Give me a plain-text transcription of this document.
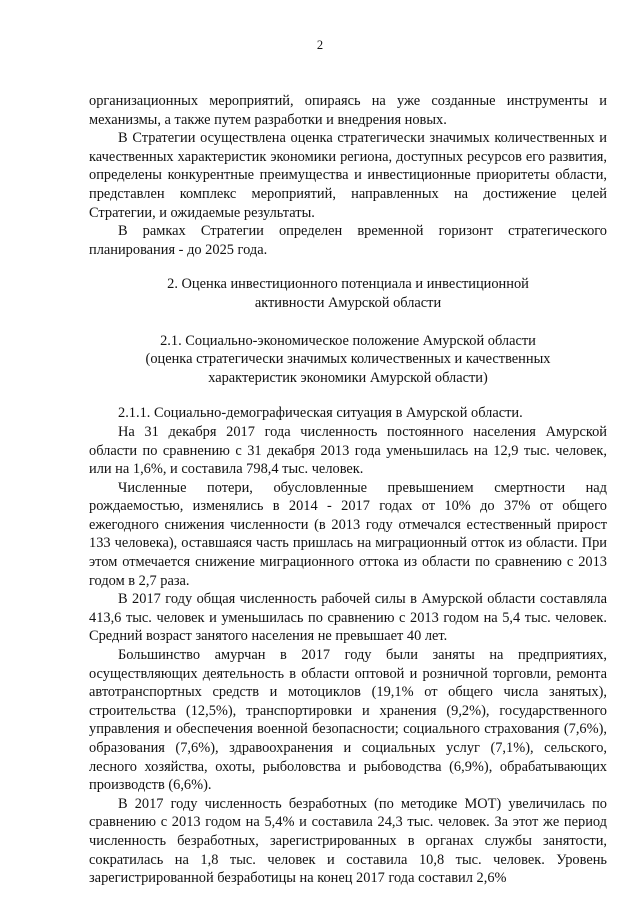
2

организационных мероприятий, опираясь на уже созданные инструменты и механизмы, а также путем разработки и внедрения новых.

В Стратегии осуществлена оценка стратегически значимых количественных и качественных характеристик экономики региона, доступных ресурсов его развития, определены конкурентные преимущества и инвестиционные приоритеты области, представлен комплекс мероприятий, направленных на достижение целей Стратегии, и ожидаемые результаты.

В рамках Стратегии определен временной горизонт стратегического планирования - до 2025 года.

2. Оценка инвестиционного потенциала и инвестиционной
активности Амурской области
2.1. Социально-экономическое положение Амурской области
(оценка стратегически значимых количественных и качественных
характеристик экономики Амурской области)

2.1.1. Социально-демографическая ситуация в Амурской области.

На 31 декабря 2017 года численность постоянного населения Амурской области по сравнению с 31 декабря 2013 года уменьшилась на 12,9 тыс. человек, или на 1,6%, и составила 798,4 тыс. человек.

Численные потери, обусловленные превышением смертности над рождаемостью, изменялись в 2014 - 2017 годах от 10% до 37% от общего ежегодного снижения численности (в 2013 году отмечался естественный прирост 133 человека), оставшаяся часть пришлась на миграционный отток из области. При этом отмечается снижение миграционного оттока из области по сравнению с 2013 годом в 2,7 раза.

В 2017 году общая численность рабочей силы в Амурской области составляла 413,6 тыс. человек и уменьшилась по сравнению с 2013 годом на 5,4 тыс. человек. Средний возраст занятого населения не превышает 40 лет.

Большинство амурчан в 2017 году были заняты на предприятиях, осуществляющих деятельность в области оптовой и розничной торговли, ремонта автотранспортных средств и мотоциклов (19,1% от общего числа занятых), строительства (12,5%), транспортировки и хранения (9,2%), государственного управления и обеспечения военной безопасности; социального страхования (7,6%), образования (7,6%), здравоохранения и социальных услуг (7,1%), сельского, лесного хозяйства, охоты, рыболовства и рыбоводства (6,9%), обрабатывающих производств (6,6%).

В 2017 году численность безработных (по методике МОТ) увеличилась по сравнению с 2013 годом на 5,4% и составила 24,3 тыс. человек. За этот же период численность безработных, зарегистрированных в органах службы занятости, сократилась на 1,8 тыс. человек и составила 10,8 тыс. человек. Уровень зарегистрированной безработицы на конец 2017 года составил 2,6%
